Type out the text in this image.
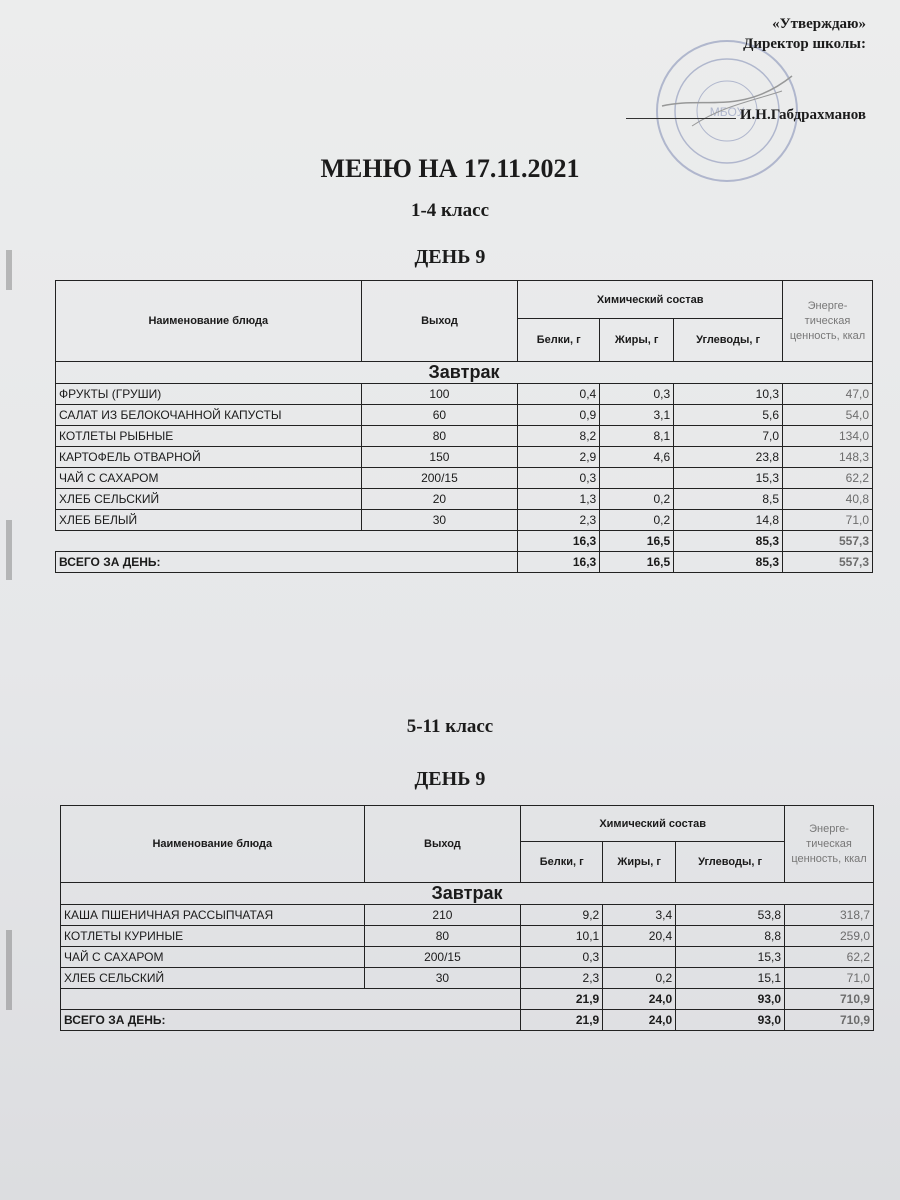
МБОУ
«Утверждаю»
Директор школы:
И.Н.Габдрахманов
МЕНЮ НА 17.11.2021
1-4 класс
ДЕНЬ 9
Наименование блюда	Выход	Химический состав			Энерге-тическая ценность, ккал
		Белки, г	Жиры, г	Углеводы, г	
Завтрак					
ФРУКТЫ (ГРУШИ)	100	0,4	0,3	10,3	47,0
САЛАТ ИЗ БЕЛОКОЧАННОЙ КАПУСТЫ	60	0,9	3,1	5,6	54,0
КОТЛЕТЫ РЫБНЫЕ	80	8,2	8,1	7,0	134,0
КАРТОФЕЛЬ ОТВАРНОЙ	150	2,9	4,6	23,8	148,3
ЧАЙ С САХАРОМ	200/15	0,3		15,3	62,2
ХЛЕБ СЕЛЬСКИЙ	20	1,3	0,2	8,5	40,8
ХЛЕБ БЕЛЫЙ	30	2,3	0,2	14,8	71,0
		16,3	16,5	85,3	557,3
ВСЕГО ЗА ДЕНЬ:		16,3	16,5	85,3	557,3
5-11 класс
ДЕНЬ 9
Наименование блюда	Выход	Химический состав			Энерге-тическая ценность, ккал
		Белки, г	Жиры, г	Углеводы, г	
Завтрак					
КАША ПШЕНИЧНАЯ РАССЫПЧАТАЯ	210	9,2	3,4	53,8	318,7
КОТЛЕТЫ КУРИНЫЕ	80	10,1	20,4	8,8	259,0
ЧАЙ С САХАРОМ	200/15	0,3		15,3	62,2
ХЛЕБ СЕЛЬСКИЙ	30	2,3	0,2	15,1	71,0
		21,9	24,0	93,0	710,9
ВСЕГО ЗА ДЕНЬ:		21,9	24,0	93,0	710,9
